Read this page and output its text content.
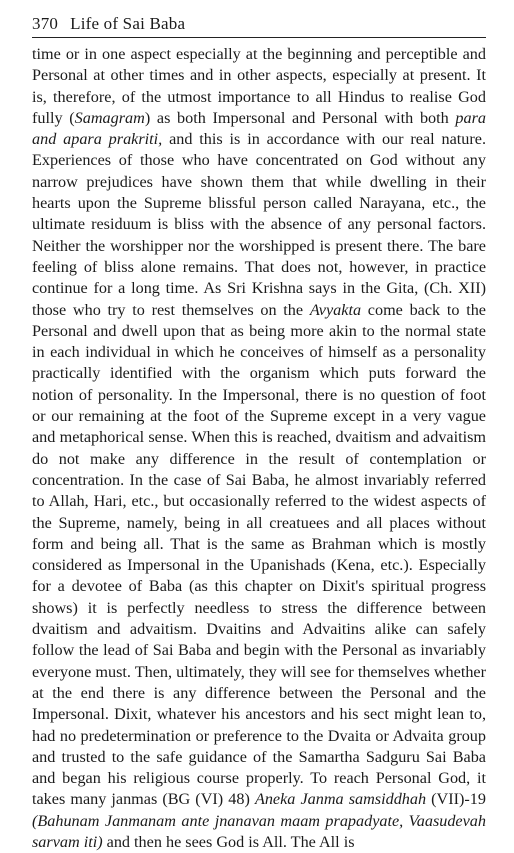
370 Life of Sai Baba
time or in one aspect especially at the beginning and perceptible and Personal at other times and in other aspects, especially at present. It is, therefore, of the utmost importance to all Hindus to realise God fully (Samagram) as both Impersonal and Personal with both para and apara prakriti, and this is in accordance with our real nature. Experiences of those who have concentrated on God without any narrow prejudices have shown them that while dwelling in their hearts upon the Supreme blissful person called Narayana, etc., the ultimate residuum is bliss with the absence of any personal factors. Neither the worshipper nor the worshipped is present there. The bare feeling of bliss alone remains. That does not, however, in practice continue for a long time. As Sri Krishna says in the Gita, (Ch. XII) those who try to rest themselves on the Avyakta come back to the Personal and dwell upon that as being more akin to the normal state in each individual in which he conceives of himself as a personality practically identified with the organism which puts forward the notion of personality. In the Impersonal, there is no question of foot or our remaining at the foot of the Supreme except in a very vague and metaphorical sense. When this is reached, dvaitism and advaitism do not make any difference in the result of contemplation or concentration. In the case of Sai Baba, he almost invariably referred to Allah, Hari, etc., but occasionally referred to the widest aspects of the Supreme, namely, being in all creatuees and all places without form and being all. That is the same as Brahman which is mostly considered as Impersonal in the Upanishads (Kena, etc.). Especially for a devotee of Baba (as this chapter on Dixit's spiritual progress shows) it is perfectly needless to stress the difference between dvaitism and advaitism. Dvaitins and Advaitins alike can safely follow the lead of Sai Baba and begin with the Personal as invariably everyone must. Then, ultimately, they will see for themselves whether at the end there is any difference between the Personal and the Impersonal. Dixit, whatever his ancestors and his sect might lean to, had no predetermination or preference to the Dvaita or Advaita group and trusted to the safe guidance of the Samartha Sadguru Sai Baba and began his religious course properly. To reach Personal God, it takes many janmas (BG (VI) 48) Aneka Janma samsiddhah (VII)-19 (Bahunam Janmanam ante jnanavan maam prapadyate, Vaasudevah sarvam iti) and then he sees God is All. The All is
